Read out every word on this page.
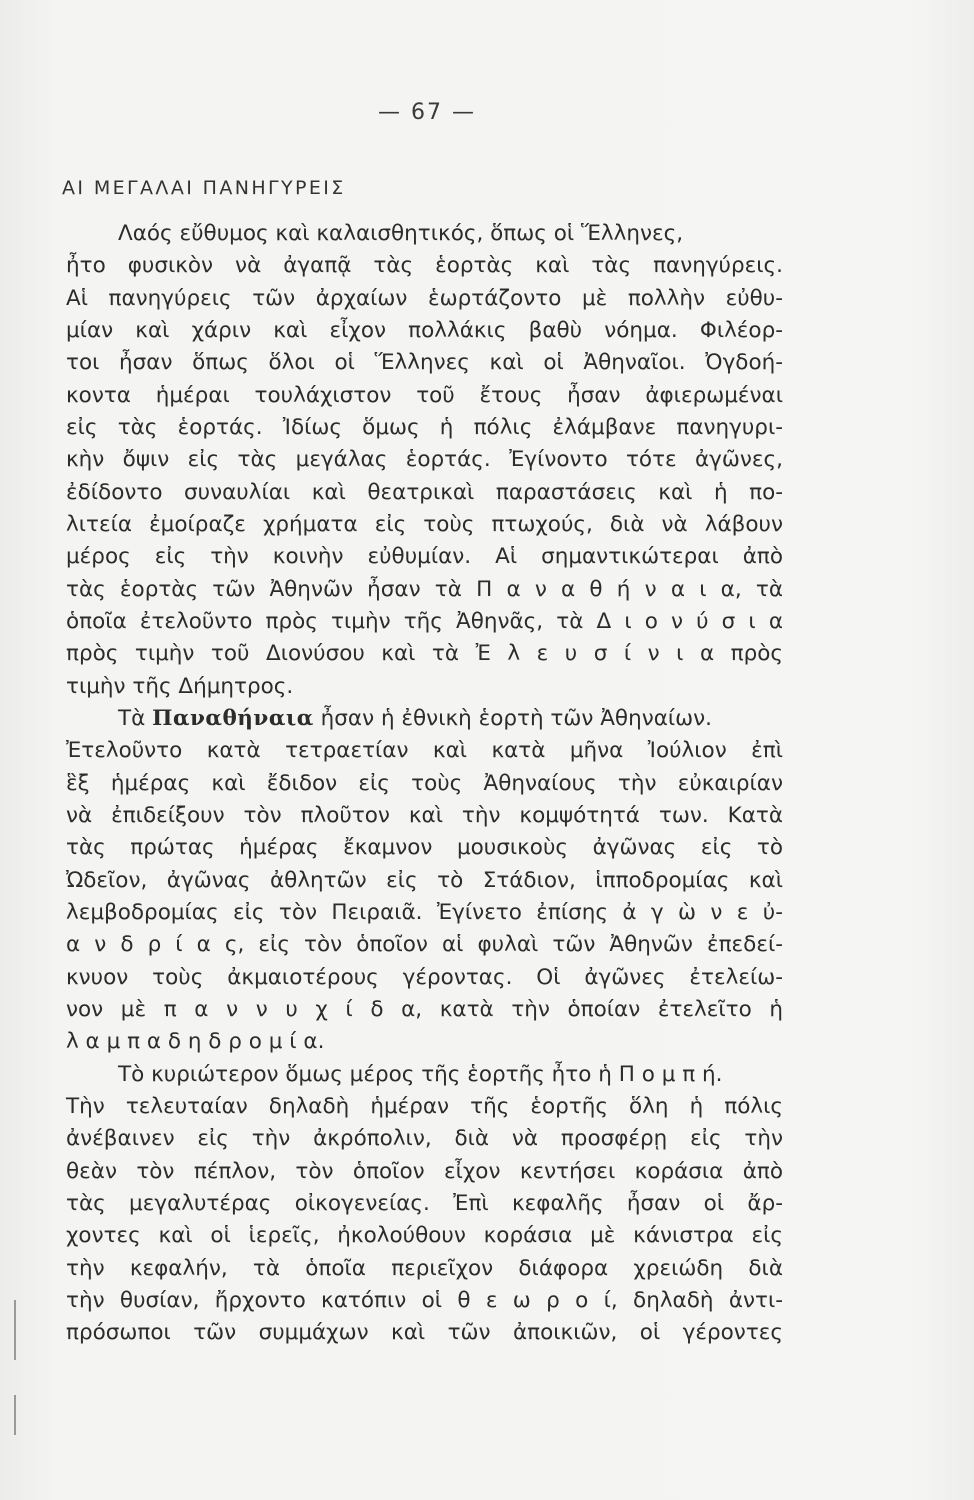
— 67 —
ΑΙ ΜΕΓΑΛΑΙ ΠΑΝΗΓΥΡΕΙΣ
Λαός εὔθυμος καὶ καλαισθητικός, ὅπως οἱ Ἕλληνες,
ἦτο φυσικὸν νὰ ἀγαπᾷ τὰς ἑορτὰς καὶ τὰς πανηγύρεις.
Αἱ πανηγύρεις τῶν ἀρχαίων ἑωρτάζοντο μὲ πολλὴν εὐθυ-
μίαν καὶ χάριν καὶ εἶχον πολλάκις βαθὺ νόημα. Φιλέορ-
τοι ἦσαν ὅπως ὅλοι οἱ Ἕλληνες καὶ οἱ Ἀθηναῖοι. Ὀγδοή-
κοντα ἡμέραι τουλάχιστον τοῦ ἔτους ἦσαν ἀφιερωμέναι
εἰς τὰς ἑορτάς. Ἰδίως ὅμως ἡ πόλις ἐλάμβανε πανηγυρι-
κὴν ὄψιν εἰς τὰς μεγάλας ἑορτάς. Ἐγίνοντο τότε ἀγῶνες,
ἐδίδοντο συναυλίαι καὶ θεατρικαὶ παραστάσεις καὶ ἡ πο-
λιτεία ἐμοίραζε χρήματα εἰς τοὺς πτωχούς, διὰ νὰ λάβουν
μέρος εἰς τὴν κοινὴν εὐθυμίαν. Αἱ σημαντικώτεραι ἀπὸ
τὰς ἑορτὰς τῶν Ἀθηνῶν ἦσαν τὰ Π α ν α θ ή ν α ι α, τὰ
ὁποῖα ἐτελοῦντο πρὸς τιμὴν τῆς Ἀθηνᾶς, τὰ Δ ι ο ν ύ σ ι α
πρὸς τιμὴν τοῦ Διονύσου καὶ τὰ Ἐ λ ε υ σ ί ν ι α πρὸς
τιμὴν τῆς Δήμητρος.
Τὰ Παναθήναια ἦσαν ἡ ἐθνικὴ ἑορτὴ τῶν Ἀθηναίων.
Ἐτελοῦντο κατὰ τετραετίαν καὶ κατὰ μῆνα Ἰούλιον ἐπὶ
ἓξ ἡμέρας καὶ ἔδιδον εἰς τοὺς Ἀθηναίους τὴν εὐκαιρίαν
νὰ ἐπιδείξουν τὸν πλοῦτον καὶ τὴν κομψότητά των. Κατὰ
τὰς πρώτας ἡμέρας ἔκαμνον μουσικοὺς ἀγῶνας εἰς τὸ
Ὠδεῖον, ἀγῶνας ἀθλητῶν εἰς τὸ Στάδιον, ἱπποδρομίας καὶ
λεμβοδρομίας εἰς τὸν Πειραιᾶ. Ἐγίνετο ἐπίσης ἀ γ ὼ ν ε ὐ-
α ν δ ρ ί α ς, εἰς τὸν ὁποῖον αἱ φυλαὶ τῶν Ἀθηνῶν ἐπεδεί-
κνυον τοὺς ἀκμαιοτέρους γέροντας. Οἱ ἀγῶνες ἐτελείω-
νον μὲ π α ν ν υ χ ί δ α, κατὰ τὴν ὁποίαν ἐτελεῖτο ἡ
λ α μ π α δ η δ ρ ο μ ί α.
Τὸ κυριώτερον ὅμως μέρος τῆς ἑορτῆς ἦτο ἡ Π ο μ π ή.
Τὴν τελευταίαν δηλαδὴ ἡμέραν τῆς ἑορτῆς ὅλη ἡ πόλις
ἀνέβαινεν εἰς τὴν ἀκρόπολιν, διὰ νὰ προσφέρῃ εἰς τὴν
θεὰν τὸν πέπλον, τὸν ὁποῖον εἶχον κεντήσει κοράσια ἀπὸ
τὰς μεγαλυτέρας οἰκογενείας. Ἐπὶ κεφαλῆς ἦσαν οἱ ἄρ-
χοντες καὶ οἱ ἱερεῖς, ἠκολούθουν κοράσια μὲ κάνιστρα εἰς
τὴν κεφαλήν, τὰ ὁποῖα περιεῖχον διάφορα χρειώδη διὰ
τὴν θυσίαν, ἤρχοντο κατόπιν οἱ θ ε ω ρ ο ί, δηλαδὴ ἀντι-
πρόσωποι τῶν συμμάχων καὶ τῶν ἀποικιῶν, οἱ γέροντες
